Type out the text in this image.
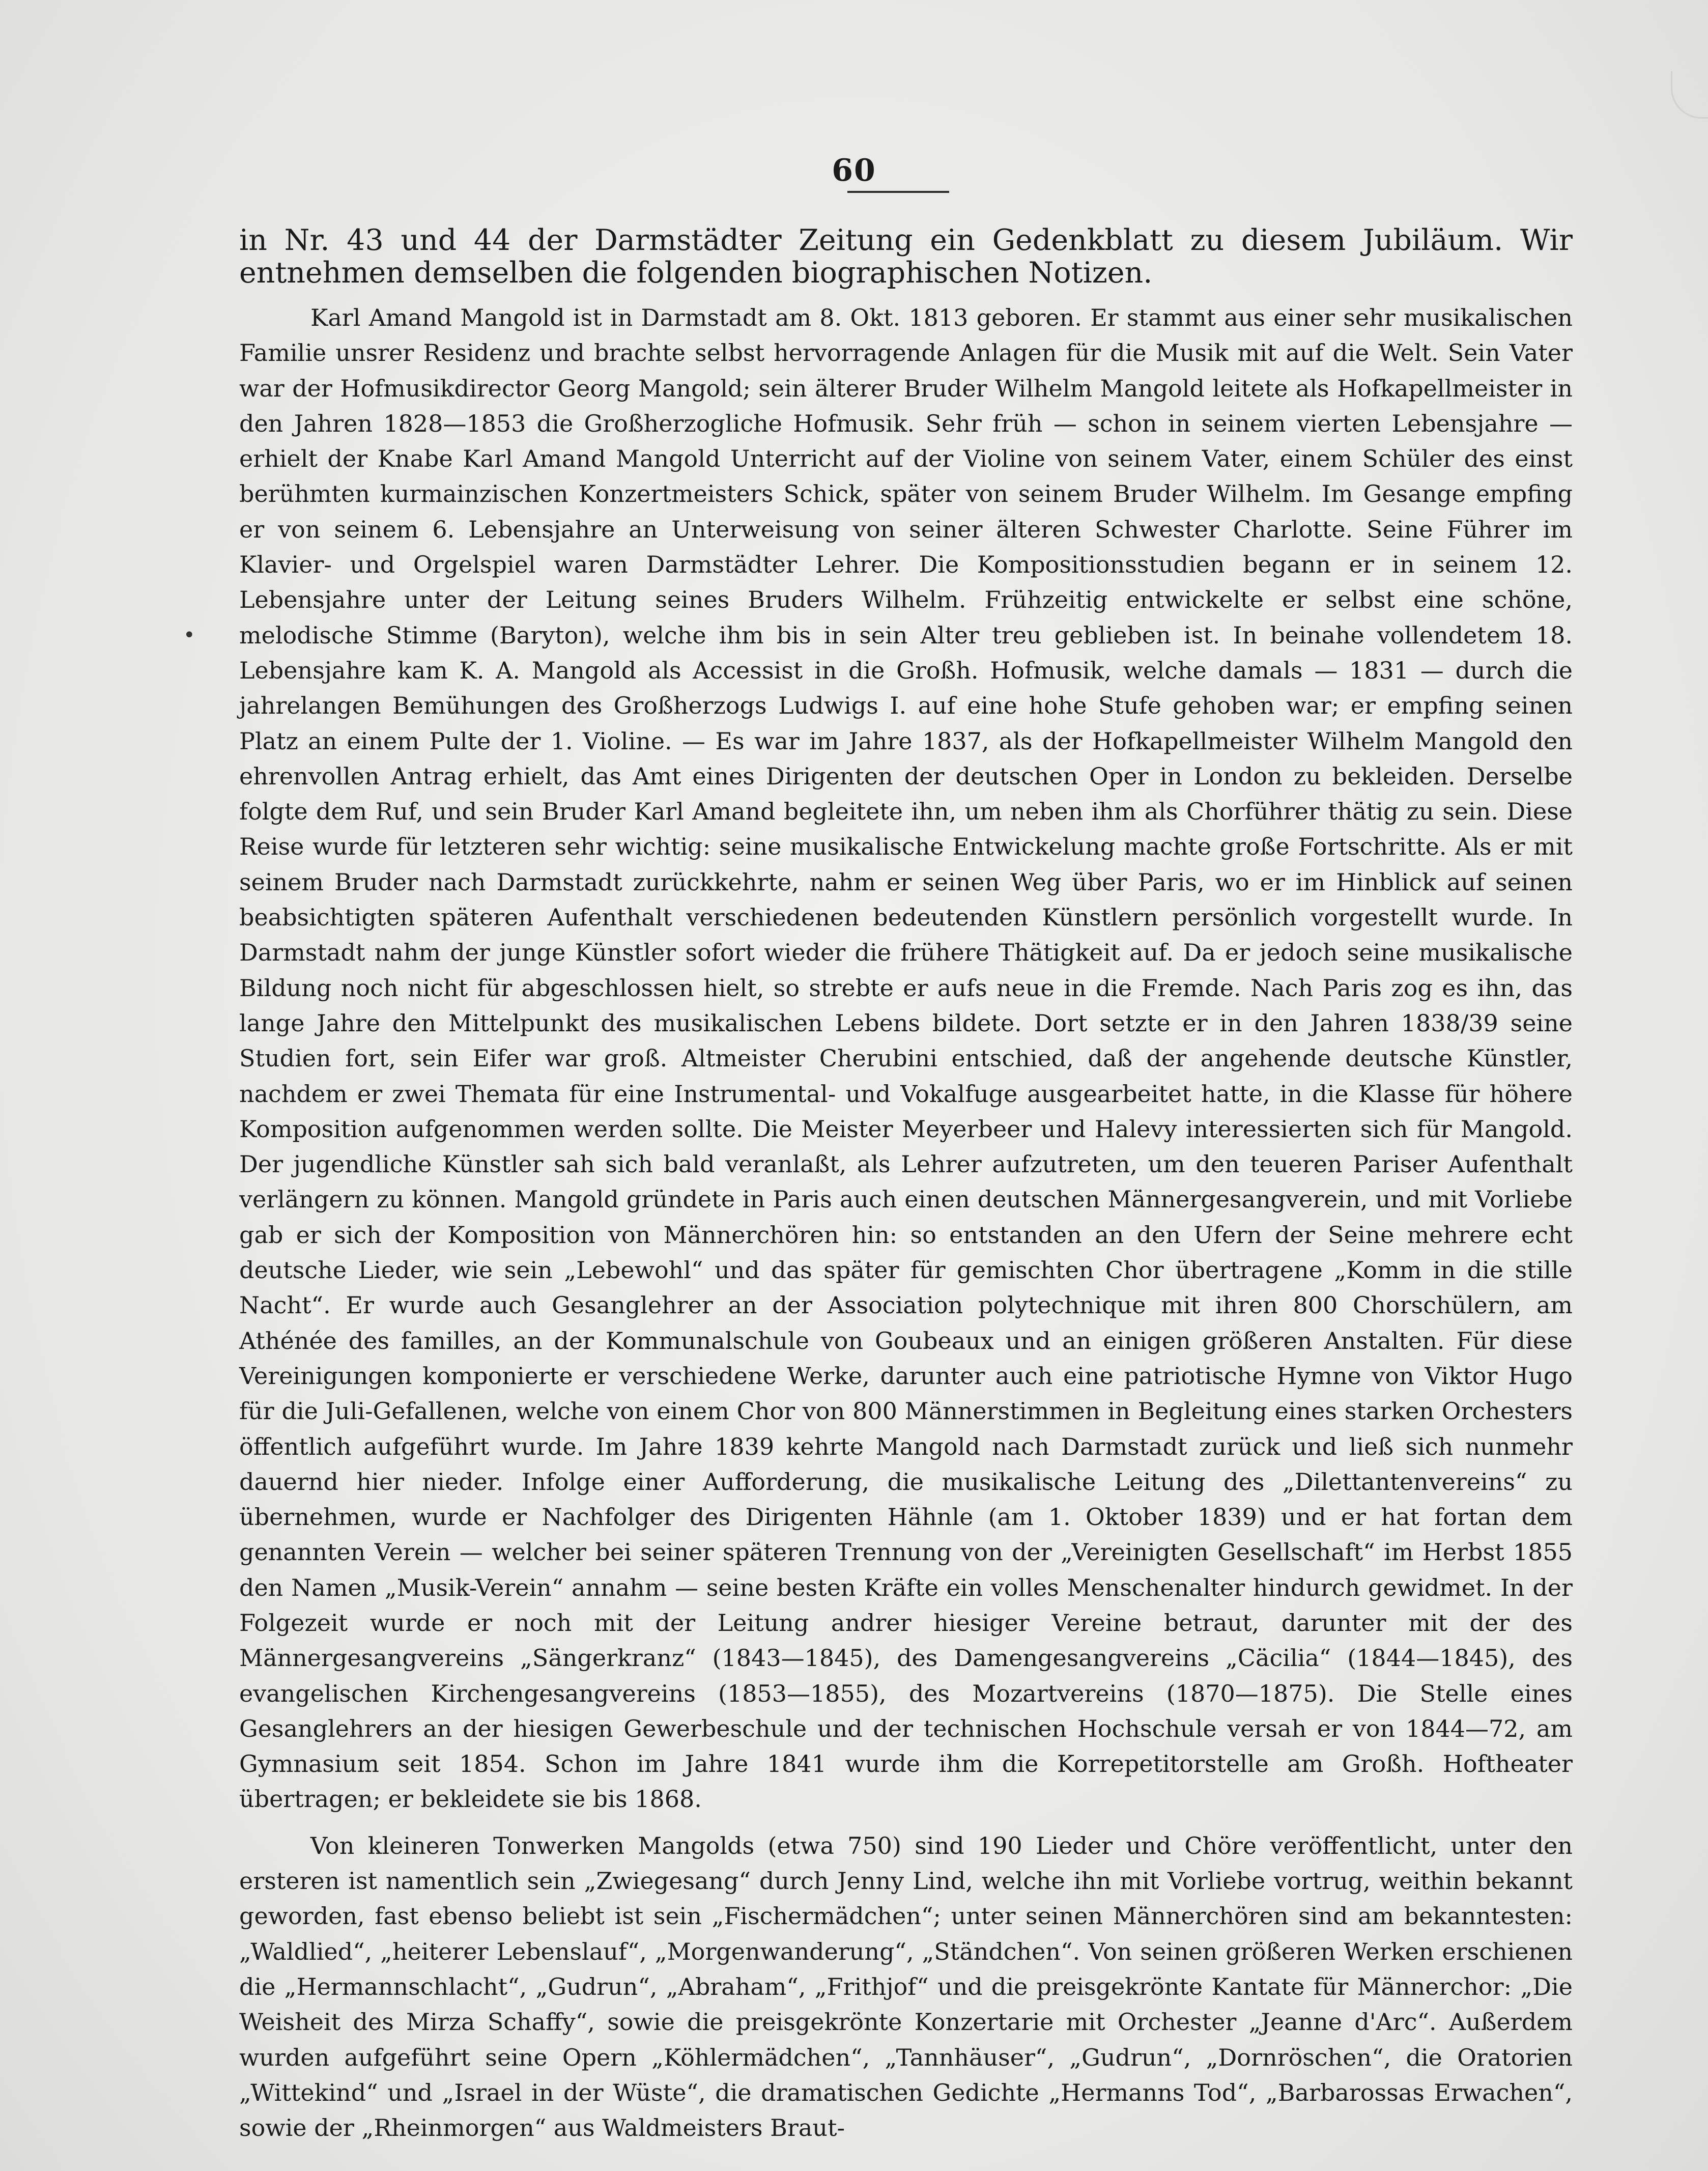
60
•

in Nr. 43 und 44 der Darmstädter Zeitung ein Gedenkblatt zu diesem Jubiläum. Wir entnehmen demselben die folgenden biographischen Notizen.

Karl Amand Mangold ist in Darmstadt am 8. Okt. 1813 geboren. Er stammt aus einer sehr musikalischen Familie unsrer Residenz und brachte selbst hervorragende Anlagen für die Musik mit auf die Welt. Sein Vater war der Hofmusikdirector Georg Mangold; sein älterer Bruder Wilhelm Mangold leitete als Hofkapellmeister in den Jahren 1828—1853 die Großherzogliche Hofmusik. Sehr früh — schon in seinem vierten Lebensjahre — erhielt der Knabe Karl Amand Mangold Unterricht auf der Violine von seinem Vater, einem Schüler des einst berühmten kurmainzischen Konzertmeisters Schick, später von seinem Bruder Wilhelm. Im Gesange empfing er von seinem 6. Lebensjahre an Unterweisung von seiner älteren Schwester Charlotte. Seine Führer im Klavier- und Orgelspiel waren Darmstädter Lehrer. Die Kompositionsstudien begann er in seinem 12. Lebensjahre unter der Leitung seines Bruders Wilhelm. Frühzeitig entwickelte er selbst eine schöne, melodische Stimme (Baryton), welche ihm bis in sein Alter treu geblieben ist. In beinahe vollendetem 18. Lebensjahre kam K. A. Mangold als Accessist in die Großh. Hofmusik, welche damals — 1831 — durch die jahrelangen Bemühungen des Großherzogs Ludwigs I. auf eine hohe Stufe gehoben war; er empfing seinen Platz an einem Pulte der 1. Violine. — Es war im Jahre 1837, als der Hofkapellmeister Wilhelm Mangold den ehrenvollen Antrag erhielt, das Amt eines Dirigenten der deutschen Oper in London zu bekleiden. Derselbe folgte dem Ruf, und sein Bruder Karl Amand begleitete ihn, um neben ihm als Chorführer thätig zu sein. Diese Reise wurde für letzteren sehr wichtig: seine musikalische Entwickelung machte große Fortschritte. Als er mit seinem Bruder nach Darmstadt zurückkehrte, nahm er seinen Weg über Paris, wo er im Hinblick auf seinen beabsichtigten späteren Aufenthalt verschiedenen bedeutenden Künstlern persönlich vorgestellt wurde. In Darmstadt nahm der junge Künstler sofort wieder die frühere Thätigkeit auf. Da er jedoch seine musikalische Bildung noch nicht für abgeschlossen hielt, so strebte er aufs neue in die Fremde. Nach Paris zog es ihn, das lange Jahre den Mittelpunkt des musikalischen Lebens bildete. Dort setzte er in den Jahren 1838/39 seine Studien fort, sein Eifer war groß. Altmeister Cherubini entschied, daß der angehende deutsche Künstler, nachdem er zwei Themata für eine Instrumental- und Vokalfuge ausgearbeitet hatte, in die Klasse für höhere Komposition aufgenommen werden sollte. Die Meister Meyerbeer und Halevy interessierten sich für Mangold. Der jugendliche Künstler sah sich bald veranlaßt, als Lehrer aufzutreten, um den teueren Pariser Aufenthalt verlängern zu können. Mangold gründete in Paris auch einen deutschen Männergesangverein, und mit Vorliebe gab er sich der Komposition von Männerchören hin: so entstanden an den Ufern der Seine mehrere echt deutsche Lieder, wie sein „Lebewohl“ und das später für gemischten Chor übertragene „Komm in die stille Nacht“. Er wurde auch Gesanglehrer an der Association polytechnique mit ihren 800 Chorschülern, am Athénée des familles, an der Kommunalschule von Goubeaux und an einigen größeren Anstalten. Für diese Vereinigungen komponierte er verschiedene Werke, darunter auch eine patriotische Hymne von Viktor Hugo für die Juli-Gefallenen, welche von einem Chor von 800 Männerstimmen in Begleitung eines starken Orchesters öffentlich aufgeführt wurde. Im Jahre 1839 kehrte Mangold nach Darmstadt zurück und ließ sich nunmehr dauernd hier nieder. Infolge einer Aufforderung, die musikalische Leitung des „Dilettantenvereins“ zu übernehmen, wurde er Nachfolger des Dirigenten Hähnle (am 1. Oktober 1839) und er hat fortan dem genannten Verein — welcher bei seiner späteren Trennung von der „Vereinigten Gesellschaft“ im Herbst 1855 den Namen „Musik-Verein“ annahm — seine besten Kräfte ein volles Menschenalter hindurch gewidmet. In der Folgezeit wurde er noch mit der Leitung andrer hiesiger Vereine betraut, darunter mit der des Männergesangvereins „Sängerkranz“ (1843—1845), des Damengesangvereins „Cäcilia“ (1844—1845), des evangelischen Kirchengesangvereins (1853—1855), des Mozartvereins (1870—1875). Die Stelle eines Gesanglehrers an der hiesigen Gewerbeschule und der technischen Hochschule versah er von 1844—72, am Gymnasium seit 1854. Schon im Jahre 1841 wurde ihm die Korrepetitorstelle am Großh. Hoftheater übertragen; er bekleidete sie bis 1868.

Von kleineren Tonwerken Mangolds (etwa 750) sind 190 Lieder und Chöre veröffentlicht, unter den ersteren ist namentlich sein „Zwiegesang“ durch Jenny Lind, welche ihn mit Vorliebe vortrug, weithin bekannt geworden, fast ebenso beliebt ist sein „Fischermädchen“; unter seinen Männerchören sind am bekanntesten: „Waldlied“, „heiterer Lebenslauf“, „Morgenwanderung“, „Ständchen“. Von seinen größeren Werken erschienen die „Hermannschlacht“, „Gudrun“, „Abraham“, „Frithjof“ und die preisgekrönte Kantate für Männerchor: „Die Weisheit des Mirza Schaffy“, sowie die preisgekrönte Konzertarie mit Orchester „Jeanne d'Arc“. Außerdem wurden aufgeführt seine Opern „Köhlermädchen“, „Tannhäuser“, „Gudrun“, „Dornröschen“, die Oratorien „Wittekind“ und „Israel in der Wüste“, die dramatischen Gedichte „Hermanns Tod“, „Barbarossas Erwachen“, sowie der „Rheinmorgen“ aus Waldmeisters Braut-
